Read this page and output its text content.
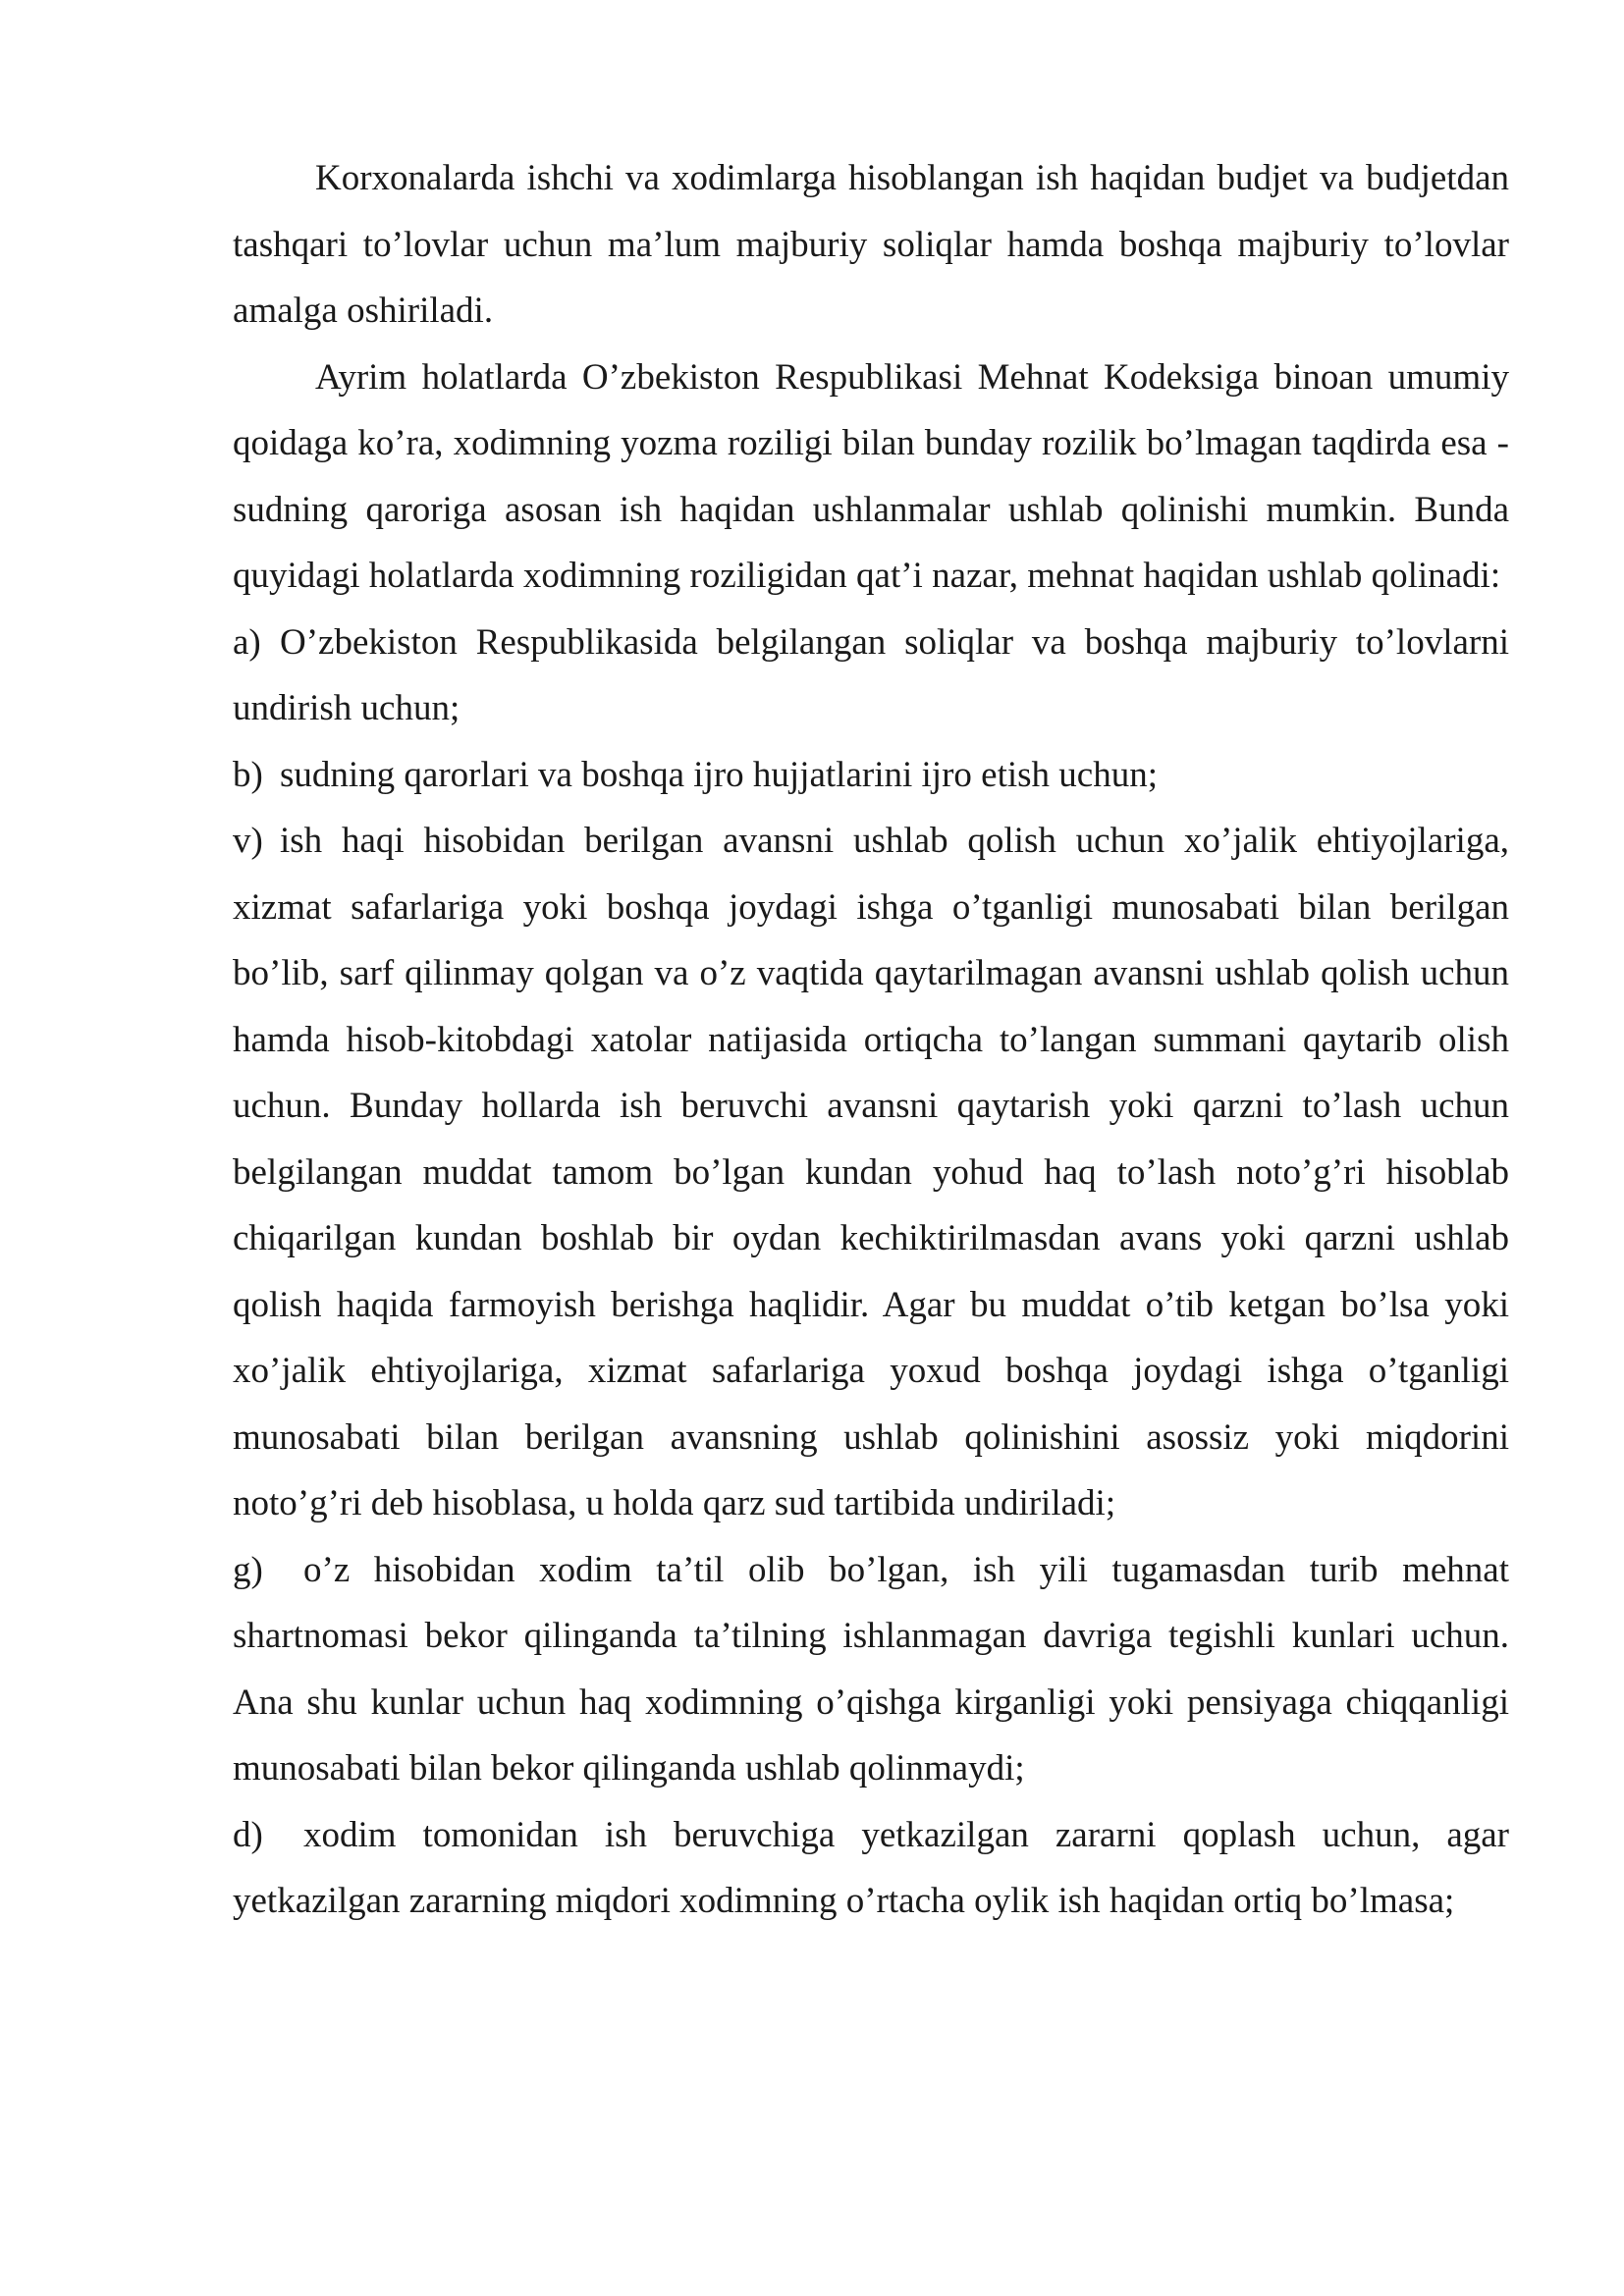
Korxonalarda ishchi va xodimlarga hisoblangan ish haqidan budjet va budjetdan tashqari to’lovlar uchun ma’lum majburiy soliqlar hamda boshqa majburiy to’lovlar amalga oshiriladi.

Ayrim holatlarda O’zbekiston Respublikasi Mehnat Kodeksiga binoan umumiy qoidaga ko’ra, xodimning yozma roziligi bilan bunday rozilik bo’lmagan taqdirda esa - sudning qaroriga asosan ish haqidan ushlanmalar ushlab qolinishi mumkin. Bunda quyidagi holatlarda xodimning roziligidan qat’i nazar, mehnat haqidan ushlab qolinadi:

a) O’zbekiston Respublikasida belgilangan soliqlar va boshqa majburiy to’lovlarni undirish uchun;

b) sudning qarorlari va boshqa ijro hujjatlarini ijro etish uchun;

v) ish haqi hisobidan berilgan avansni ushlab qolish uchun xo’jalik ehtiyojlariga, xizmat safarlariga yoki boshqa joydagi ishga o’tganligi munosabati bilan berilgan bo’lib, sarf qilinmay qolgan va o’z vaqtida qaytarilmagan avansni ushlab qolish uchun hamda hisob-kitobdagi xatolar natijasida ortiqcha to’langan summani qaytarib olish uchun. Bunday hollarda ish beruvchi avansni qaytarish yoki qarzni to’lash uchun belgilangan muddat tamom bo’lgan kundan yohud haq to’lash noto’g’ri hisoblab chiqarilgan kundan boshlab bir oydan kechiktirilmasdan avans yoki qarzni ushlab qolish haqida farmoyish berishga haqlidir. Agar bu muddat o’tib ketgan bo’lsa yoki xo’jalik ehtiyojlariga, xizmat safarlariga yoxud boshqa joydagi ishga o’tganligi munosabati bilan berilgan avansning ushlab qolinishini asossiz yoki miqdorini noto’g’ri deb hisoblasa, u holda qarz sud tartibida undiriladi;

g) o’z hisobidan xodim ta’til olib bo’lgan, ish yili tugamasdan turib mehnat shartnomasi bekor qilinganda ta’tilning ishlanmagan davriga tegishli kunlari uchun. Ana shu kunlar uchun haq xodimning o’qishga kirganligi yoki pensiyaga chiqqanligi munosabati bilan bekor qilinganda ushlab qolinmaydi;

d) xodim tomonidan ish beruvchiga yetkazilgan zararni qoplash uchun, agar yetkazilgan zararning miqdori xodimning o’rtacha oylik ish haqidan ortiq bo’lmasa;
